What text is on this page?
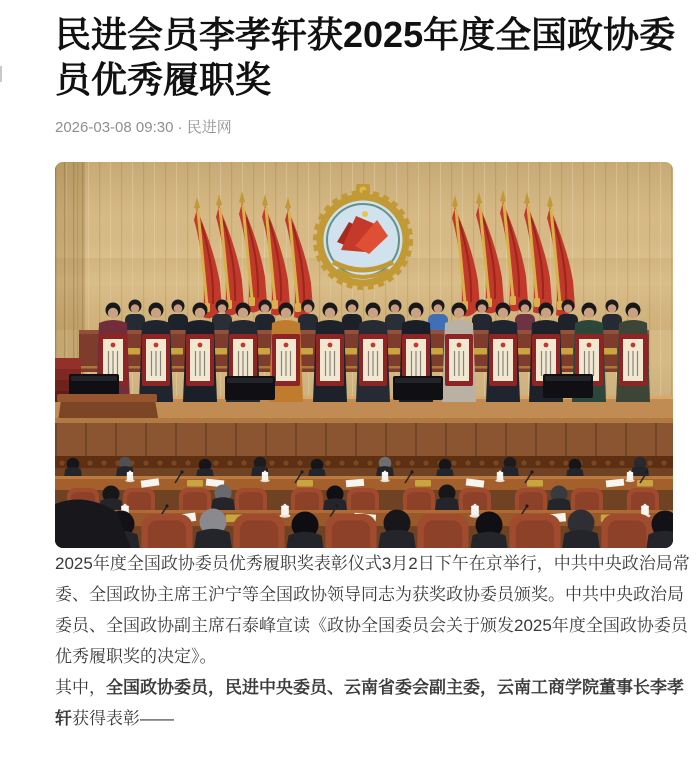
民进会员李孝轩获2025年度全国政协委
员优秀履职奖
2026-03-08 09:30 · 民进网

2025年度全国政协委员优秀履职奖表彰仪式3月2日下午在京举行，中共中央政治局常
委、全国政协主席王沪宁等全国政协领导同志为获奖政协委员颁奖。中共中央政治局
委员、全国政协副主席石泰峰宣读《政协全国委员会关于颁发2025年度全国政协委员
优秀履职奖的决定》。

其中，全国政协委员，民进中央委员、云南省委会副主委，云南工商学院董事长李孝
轩获得表彰——
